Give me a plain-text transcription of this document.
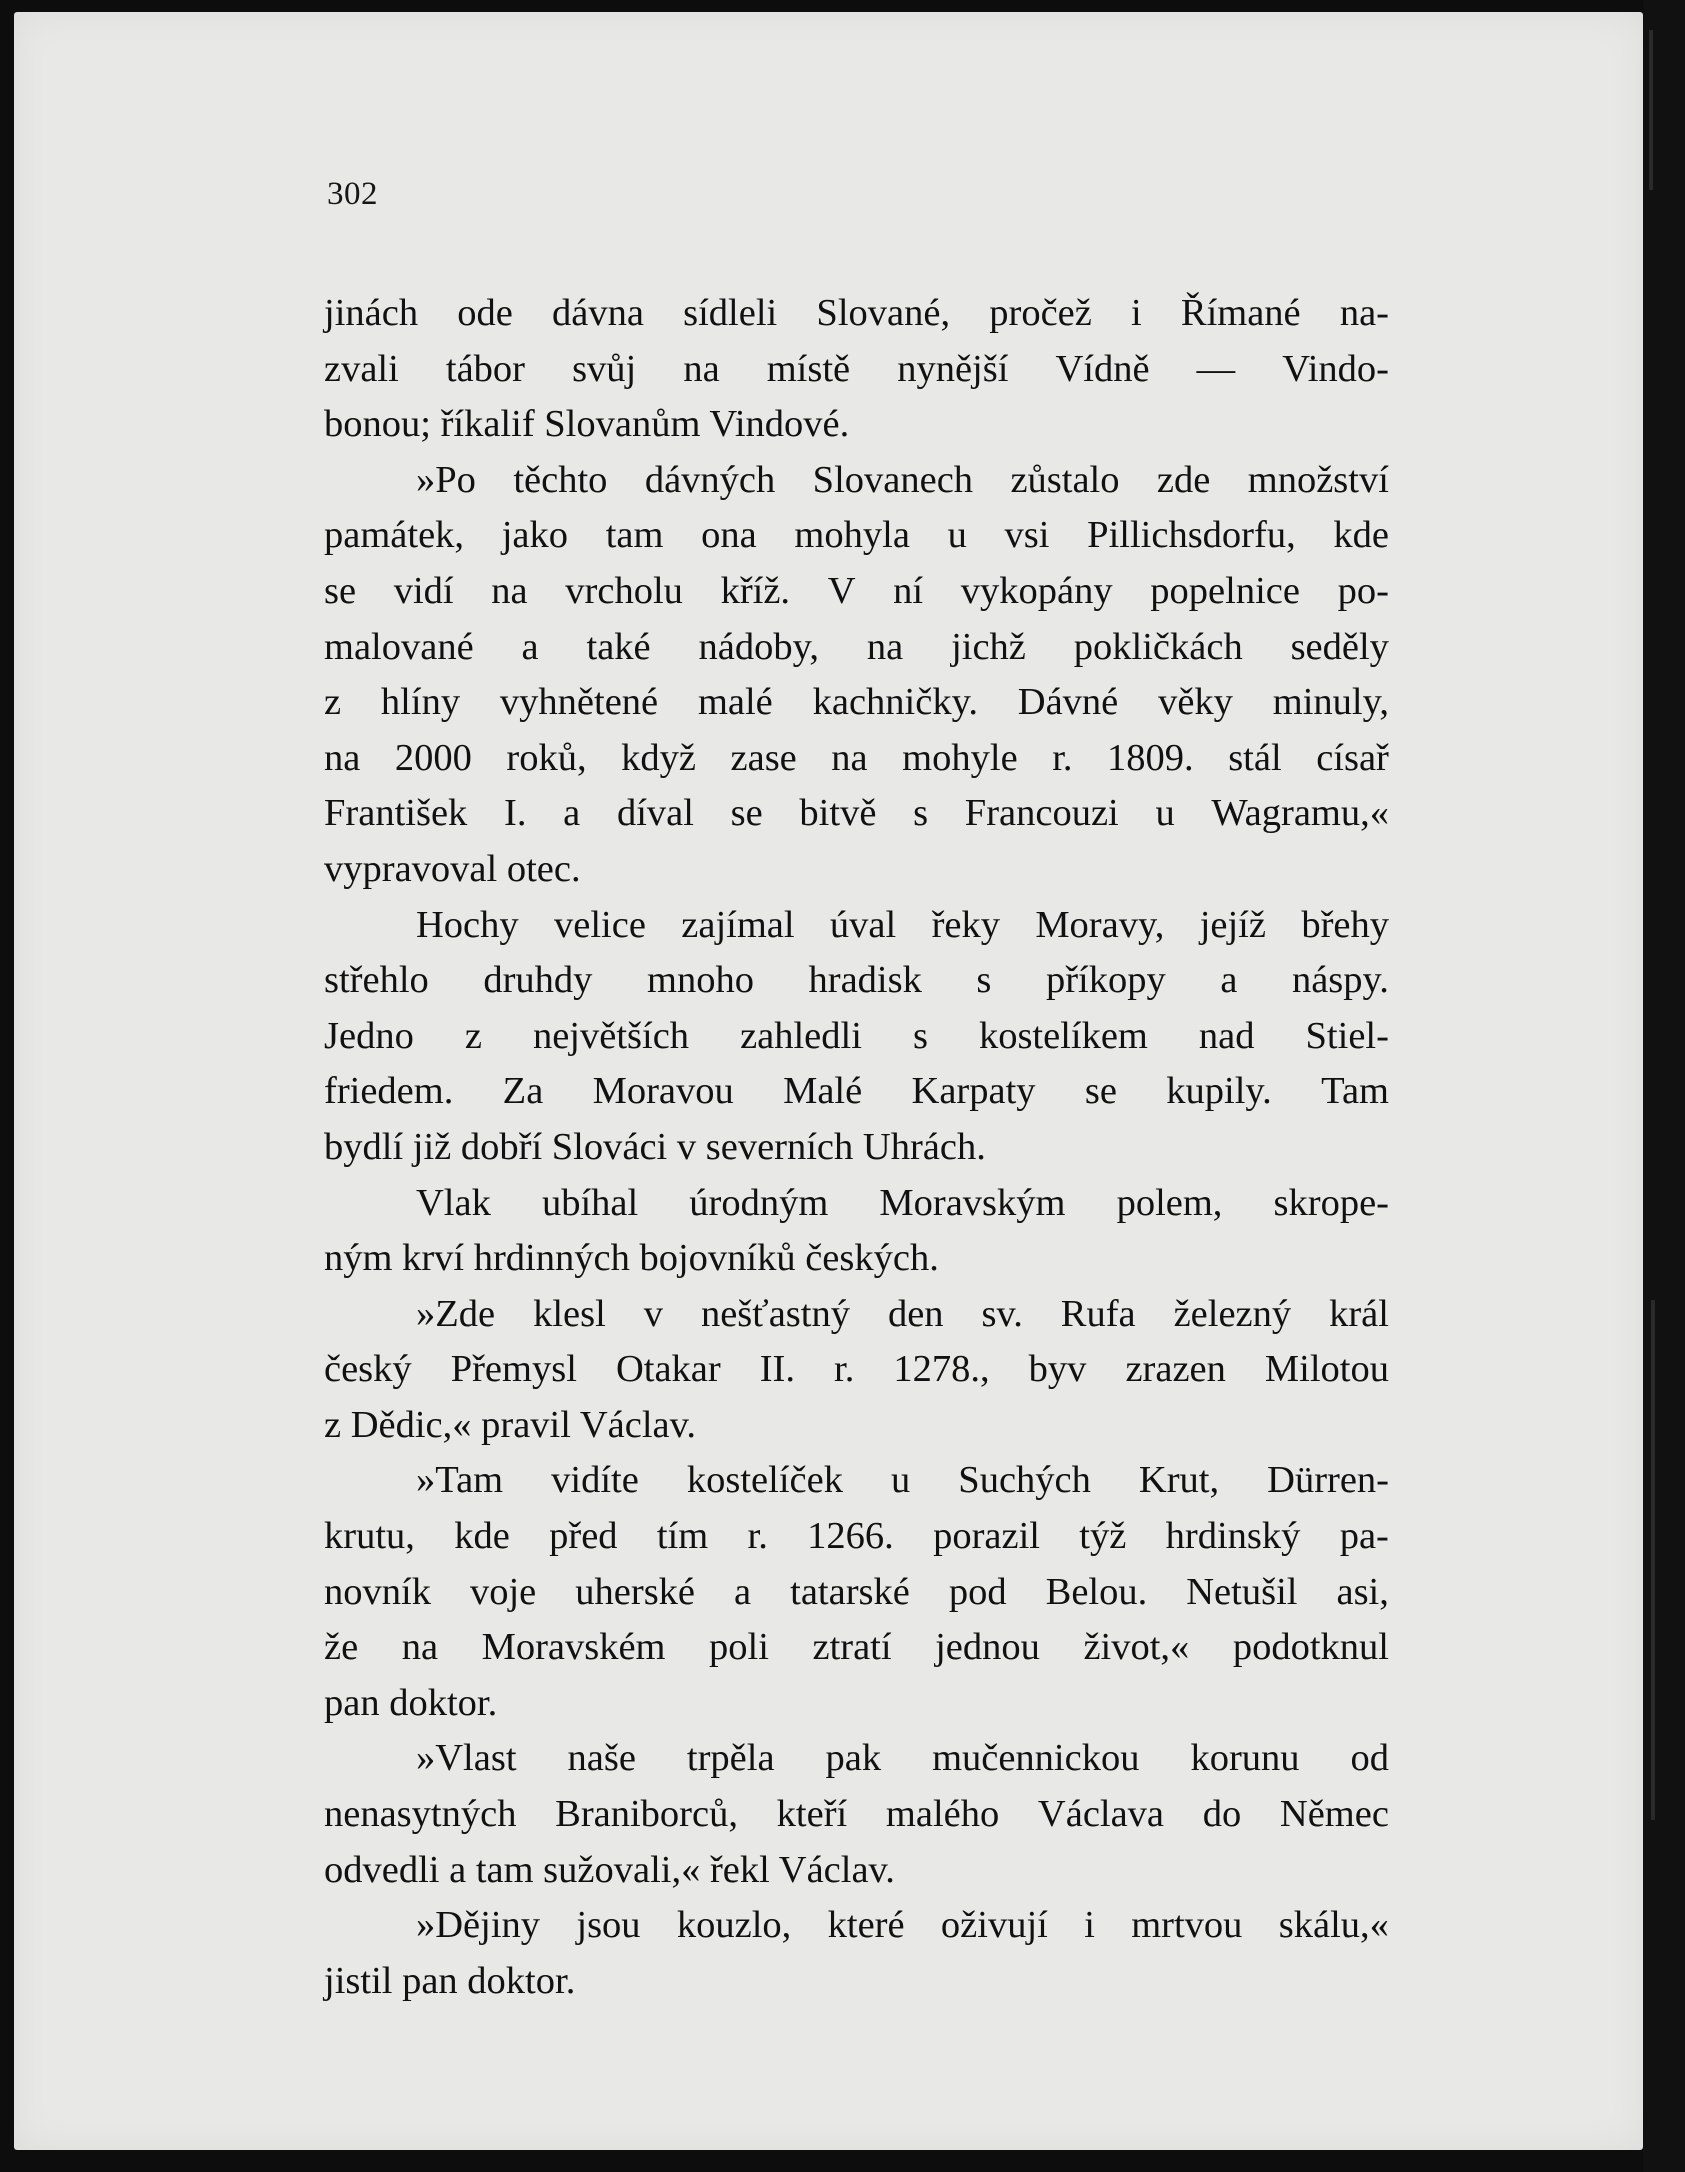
302
jinách ode dávna sídleli Slované, pročež i Římané na-
zvali tábor svůj na místě nynější Vídně — Vindo-
bonou; říkalif Slovanům Vindové.
»Po těchto dávných Slovanech zůstalo zde množství
památek, jako tam ona mohyla u vsi Pillichsdorfu, kde
se vidí na vrcholu kříž. V ní vykopány popelnice po-
malované a také nádoby, na jichž pokličkách seděly
z hlíny vyhnětené malé kachničky. Dávné věky minuly,
na 2000 roků, když zase na mohyle r. 1809. stál císař
František I. a díval se bitvě s Francouzi u Wagramu,«
vypravoval otec.
Hochy velice zajímal úval řeky Moravy, jejíž břehy
střehlo druhdy mnoho hradisk s příkopy a náspy.
Jedno z největších zahledli s kostelíkem nad Stiel-
friedem. Za Moravou Malé Karpaty se kupily. Tam
bydlí již dobří Slováci v severních Uhrách.
Vlak ubíhal úrodným Moravským polem, skrope-
ným krví hrdinných bojovníků českých.
»Zde klesl v nešťastný den sv. Rufa železný král
český Přemysl Otakar II. r. 1278., byv zrazen Milotou
z Dědic,« pravil Václav.
»Tam vidíte kostelíček u Suchých Krut, Dürren-
krutu, kde před tím r. 1266. porazil týž hrdinský pa-
novník voje uherské a tatarské pod Belou. Netušil asi,
že na Moravském poli ztratí jednou život,« podotknul
pan doktor.
»Vlast naše trpěla pak mučennickou korunu od
nenasytných Braniborců, kteří malého Václava do Němec
odvedli a tam sužovali,« řekl Václav.
»Dějiny jsou kouzlo, které oživují i mrtvou skálu,«
jistil pan doktor.
